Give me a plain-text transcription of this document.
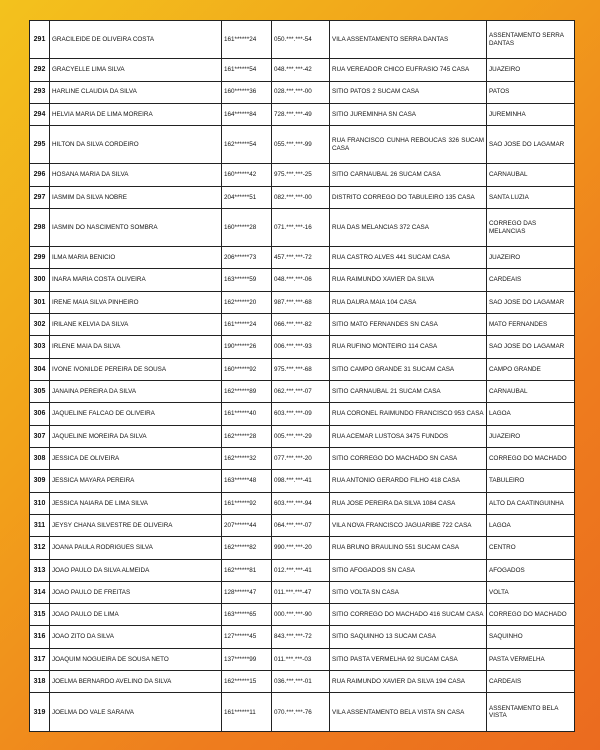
291	GRACILEIDE DE OLIVEIRA COSTA	161******24	050.***.***-54	VILA ASSENTAMENTO SERRA DANTAS	ASSENTAMENTO SERRA DANTAS
292	GRACYELLE LIMA SILVA	161******54	048.***.***-42	RUA VEREADOR CHICO EUFRASIO 745 CASA	JUAZEIRO
293	HARLINE CLAUDIA DA SILVA	160******36	028.***.***-00	SITIO PATOS 2 SUCAM CASA	PATOS
294	HELVIA MARIA DE LIMA MOREIRA	164******84	728.***.***-49	SITIO JUREMINHA SN CASA	JUREMINHA
295	HILTON DA SILVA CORDEIRO	162******54	055.***.***-99	RUA FRANCISCO CUNHA REBOUCAS 326 SUCAM CASA	SAO JOSE DO LAGAMAR
296	HOSANA MARIA DA SILVA	160******42	975.***.***-25	SITIO CARNAUBAL 26 SUCAM CASA	CARNAUBAL
297	IASMIM DA SILVA NOBRE	204******51	082.***.***-00	DISTRITO CORREGO DO TABULEIRO 135 CASA	SANTA LUZIA
298	IASMIN DO NASCIMENTO SOMBRA	160******28	071.***.***-16	RUA DAS MELANCIAS 372 CASA	CORREGO DAS MELANCIAS
299	ILMA MARIA BENICIO	206******73	457.***.***-72	RUA CASTRO ALVES 441 SUCAM CASA	JUAZEIRO
300	INARA MARIA COSTA OLIVEIRA	163******59	048.***.***-06	RUA RAIMUNDO XAVIER DA SILVA	CARDEAIS
301	IRENE MAIA SILVA PINHEIRO	162******20	987.***.***-68	RUA DAURA MAIA 104 CASA	SAO JOSE DO LAGAMAR
302	IRILANE KELVIA DA SILVA	161******24	066.***.***-82	SITIO MATO FERNANDES SN CASA	MATO FERNANDES
303	IRLENE MAIA DA SILVA	190******26	006.***.***-93	RUA RUFINO MONTEIRO 114 CASA	SAO JOSE DO LAGAMAR
304	IVONE IVONILDE PEREIRA DE SOUSA	160******92	975.***.***-68	SITIO CAMPO GRANDE 31 SUCAM CASA	CAMPO GRANDE
305	JANAINA PEREIRA DA SILVA	162******89	062.***.***-07	SITIO CARNAUBAL 21 SUCAM CASA	CARNAUBAL
306	JAQUELINE FALCAO DE OLIVEIRA	161******40	603.***.***-09	RUA CORONEL RAIMUNDO FRANCISCO 953 CASA	LAGOA
307	JAQUELINE MOREIRA DA SILVA	162******28	005.***.***-29	RUA ACEMAR LUSTOSA 3475 FUNDOS	JUAZEIRO
308	JESSICA DE OLIVEIRA	162******32	077.***.***-20	SITIO CORREGO DO MACHADO SN CASA	CORREGO DO MACHADO
309	JESSICA MAYARA PEREIRA	163******48	098.***.***-41	RUA ANTONIO GERARDO FILHO 418 CASA	TABULEIRO
310	JESSICA NAIARA DE LIMA SILVA	161******92	603.***.***-94	RUA JOSE PEREIRA DA SILVA 1084 CASA	ALTO DA CAATINGUINHA
311	JEYSY CHANA SILVESTRE DE OLIVEIRA	207******44	064.***.***-07	VILA NOVA FRANCISCO JAGUARIBE 722 CASA	LAGOA
312	JOANA PAULA RODRIGUES SILVA	162******82	990.***.***-20	RUA BRUNO BRAULINO 551 SUCAM CASA	CENTRO
313	JOAO PAULO DA SILVA ALMEIDA	162******81	012.***.***-41	SITIO AFOGADOS SN CASA	AFOGADOS
314	JOAO PAULO DE FREITAS	128******47	011.***.***-47	SITIO VOLTA SN CASA	VOLTA
315	JOAO PAULO DE LIMA	163******65	000.***.***-90	SITIO CORREGO DO MACHADO 416 SUCAM CASA	CORREGO DO MACHADO
316	JOAO ZITO DA SILVA	127******45	843.***.***-72	SITIO SAQUINHO 13 SUCAM CASA	SAQUINHO
317	JOAQUIM NOGUEIRA DE SOUSA NETO	137******99	011.***.***-03	SITIO PASTA VERMELHA 92 SUCAM CASA	PASTA VERMELHA
318	JOELMA BERNARDO AVELINO DA SILVA	162******15	036.***.***-01	RUA RAIMUNDO XAVIER DA SILVA 194 CASA	CARDEAIS
319	JOELMA DO VALE SARAIVA	161******11	070.***.***-76	VILA ASSENTAMENTO BELA VISTA SN CASA	ASSENTAMENTO BELA VISTA
